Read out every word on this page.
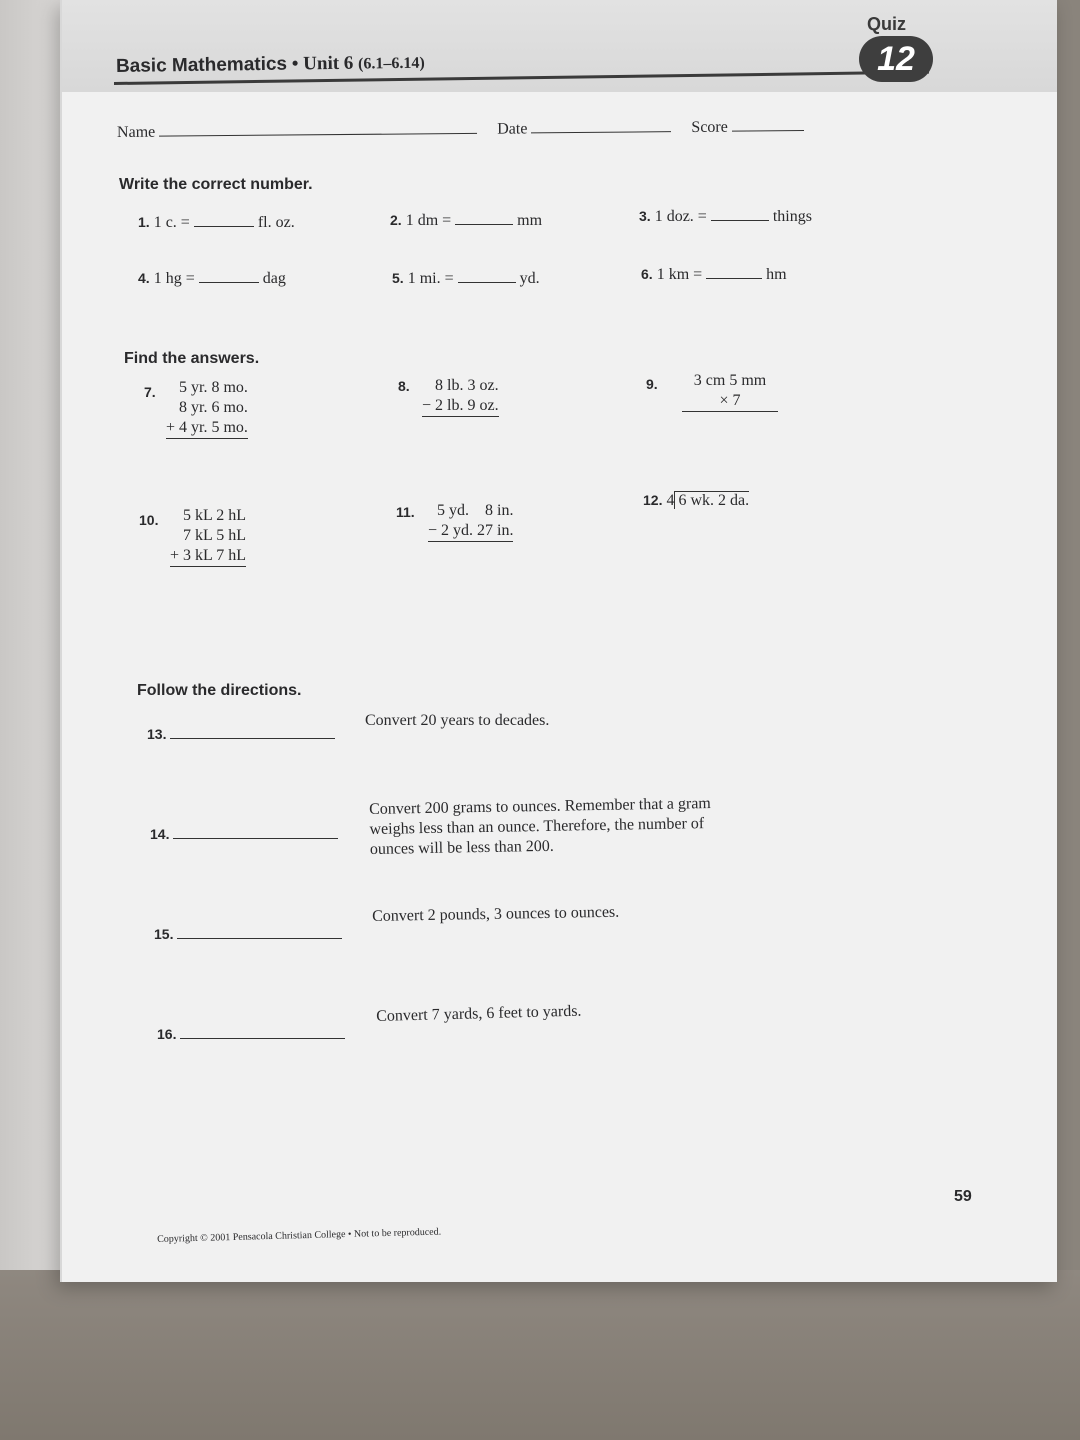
Basic Mathematics • Unit 6 (6.1–6.14)
Quiz
12
Name	Date	Score
Write the correct number.
1. 1 c. =	fl. oz.	2. 1 dm =	mm	3. 1 doz. =	things
4. 1 hg =	dag	5. 1 mi. =	yd.	6. 1 km =	hm
Find the answers.
7.	5 yr. 8 mo.
8 yr. 6 mo.
+ 4 yr. 5 mo.
8.	8 lb. 3 oz.
− 2 lb. 9 oz.
9.	3 cm 5 mm
× 7
10.	5 kL 2 hL
7 kL 5 hL
+ 3 kL 7 hL
11.	5 yd.    8 in.
− 2 yd. 27 in.
12. 4 6 wk. 2 da.
Follow the directions.
13.
Convert 20 years to decades.
14.
Convert 200 grams to ounces. Remember that a gram
weighs less than an ounce. Therefore, the number of
ounces will be less than 200.
15.
Convert 2 pounds, 3 ounces to ounces.
16.
Convert 7 yards, 6 feet to yards.
59
Copyright © 2001 Pensacola Christian College • Not to be reproduced.
